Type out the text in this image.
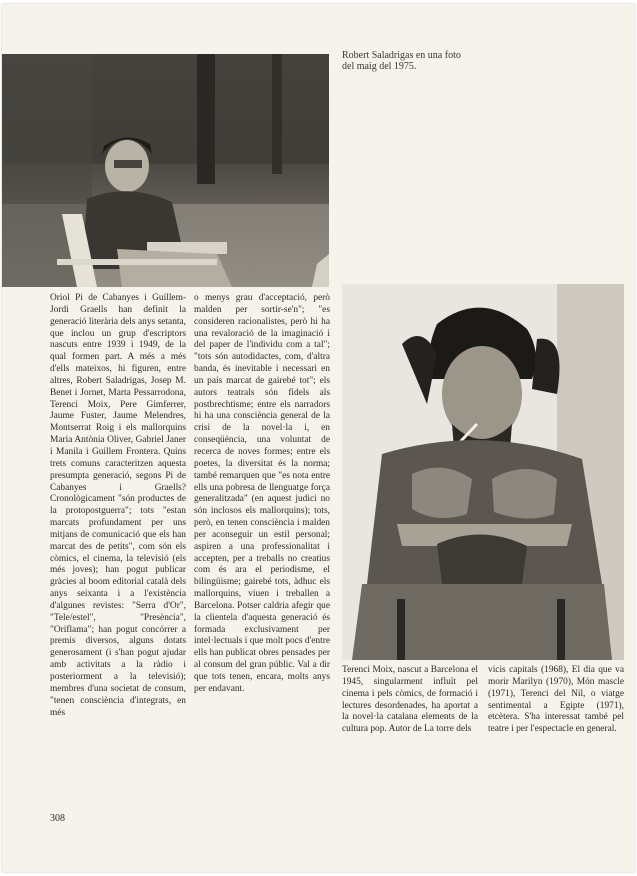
Robert Saladrigas en una foto del maig del 1975.

Oriol Pi de Cabanyes i Guillem-Jordi Graells han definit la generació literària dels anys setanta, que inclou un grup d'escriptors nascuts entre 1939 i 1949, de la qual formen part. A més a més d'ells mateixos, hi figuren, entre altres, Robert Saladrigas, Josep M. Benet i Jornet, Marta Pessarrodona, Terenci Moix, Pere Gimferrer, Jaume Fuster, Jaume Melendres, Montserrat Roig i els mallorquins Maria Antònia Oliver, Gabriel Janer i Manila i Guillem Frontera. Quins trets comuns caracteritzen aquesta presumpta generació, segons Pi de Cabanyes i Graells? Cronològicament "són productes de la protopostguerra"; tots "estan marcats profundament per uns mitjans de comunicació que els han marcat des de petits", com són els còmics, el cinema, la televisió (els més joves); han pogut publicar gràcies al boom editorial català dels anys seixanta i a l'existència d'algunes revistes: "Serra d'Or", "Tele/estel", "Presència", "Oriflama"; han pogut concórrer a premis diversos, alguns dotats generosament (i s'han pogut ajudar amb activitats a la ràdio i posteriorment a la televisió); membres d'una societat de consum, "tenen consciència d'integrats, en més

o menys grau d'acceptació, però malden per sortir-se'n"; "es consideren racionalistes, però hi ha una revaloració de la imaginació i del paper de l'individu com a tal"; "tots són autodidactes, com, d'altra banda, és inevitable i necessari en un país marcat de gairebé tot"; els autors teatrals són fidels als postbrechtisme; entre els narradors hi ha una consciència general de la crisi de la novel·la i, en conseqüència, una voluntat de recerca de noves formes; entre els poetes, la diversitat és la norma; també remarquen que "es nota entre ells una pobresa de llenguatge força generalitzada" (en aquest judici no són inclosos els mallorquins); tots, però, en tenen consciència i malden per aconseguir un estil personal; aspiren a una professionalitat i accepten, per a treballs no creatius com és ara el periodisme, el bilingüisme; gairebé tots, àdhuc els mallorquins, viuen i treballen a Barcelona. Potser caldria afegir que la clientela d'aquesta generació és formada exclusivament per intel·lectuals i que molt pocs d'entre ells han publicat obres pensades per al consum del gran públic. Val a dir que tots tenen, encara, molts anys per endavant.

Terenci Moix, nascut a Barcelona el 1945, singularment influït pel cinema i pels còmics, de formació i lectures desordenades, ha aportat a la novel·la catalana elements de la cultura pop. Autor de La torre dels

vicis capitals (1968), El dia que va morir Marilyn (1970), Món mascle (1971), Terenci del Nil, o viatge sentimental a Egipte (1971), etcètera. S'ha interessat també pel teatre i per l'espectacle en general.

308
